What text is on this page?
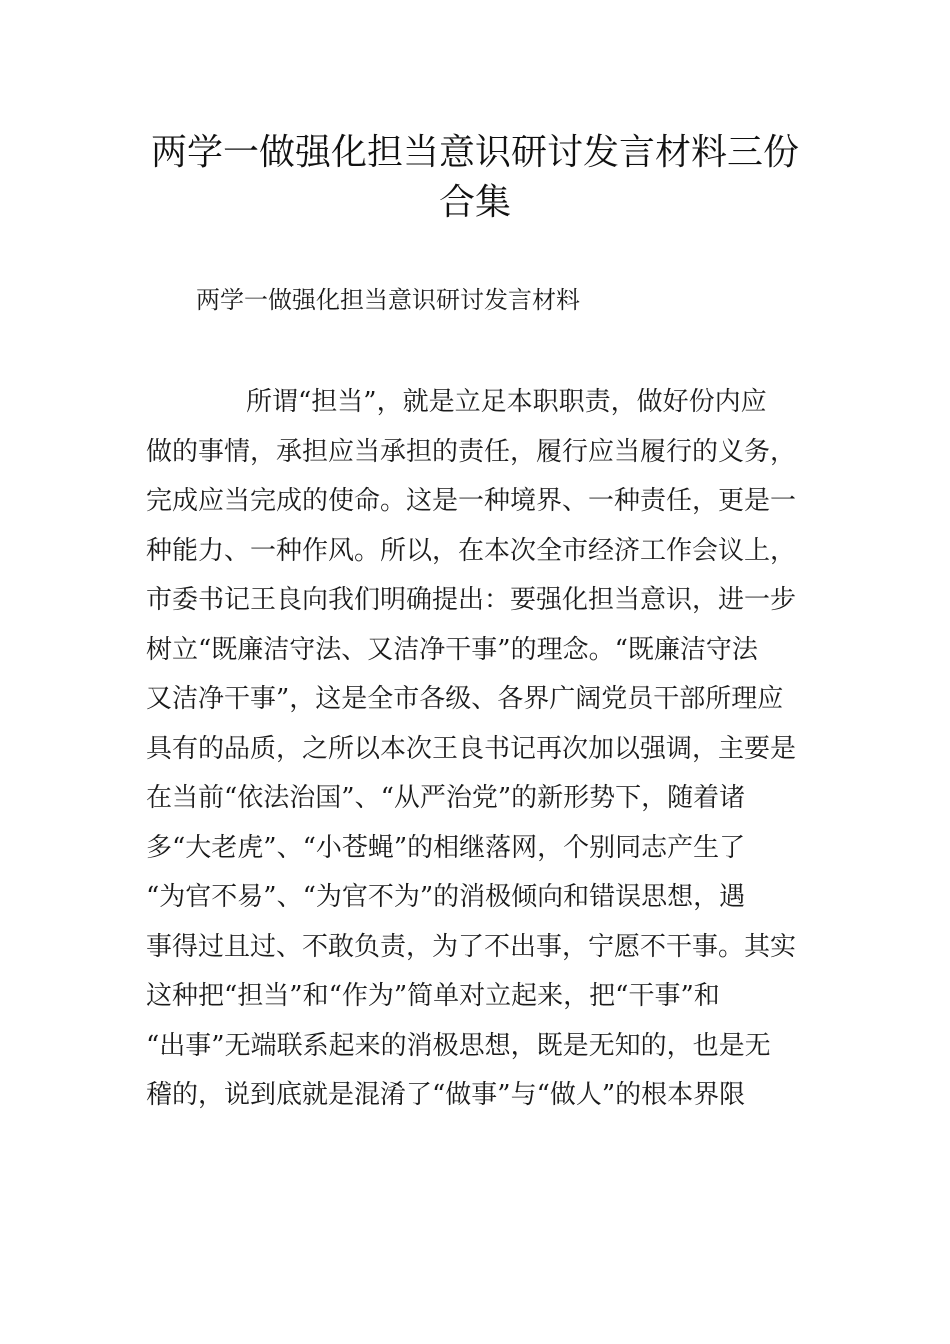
两学一做强化担当意识研讨发言材料三份
合集

两学一做强化担当意识研讨发言材料

所谓“担当”，就是立足本职职责，做好份内应
做的事情，承担应当承担的责任，履行应当履行的义务，
完成应当完成的使命。这是一种境界、一种责任，更是一
种能力、一种作风。所以，在本次全市经济工作会议上，
市委书记王良向我们明确提出：要强化担当意识，进一步
树立“既廉洁守法、又洁净干事”的理念。“既廉洁守法
又洁净干事”，这是全市各级、各界广阔党员干部所理应
具有的品质，之所以本次王良书记再次加以强调，主要是
在当前“依法治国”、“从严治党”的新形势下，随着诸
多“大老虎”、“小苍蝇”的相继落网，个别同志产生了
“为官不易”、“为官不为”的消极倾向和错误思想，遇
事得过且过、不敢负责，为了不出事，宁愿不干事。其实
这种把“担当”和“作为”简单对立起来，把“干事”和
“出事”无端联系起来的消极思想，既是无知的，也是无
稽的，说到底就是混淆了“做事”与“做人”的根本界限
